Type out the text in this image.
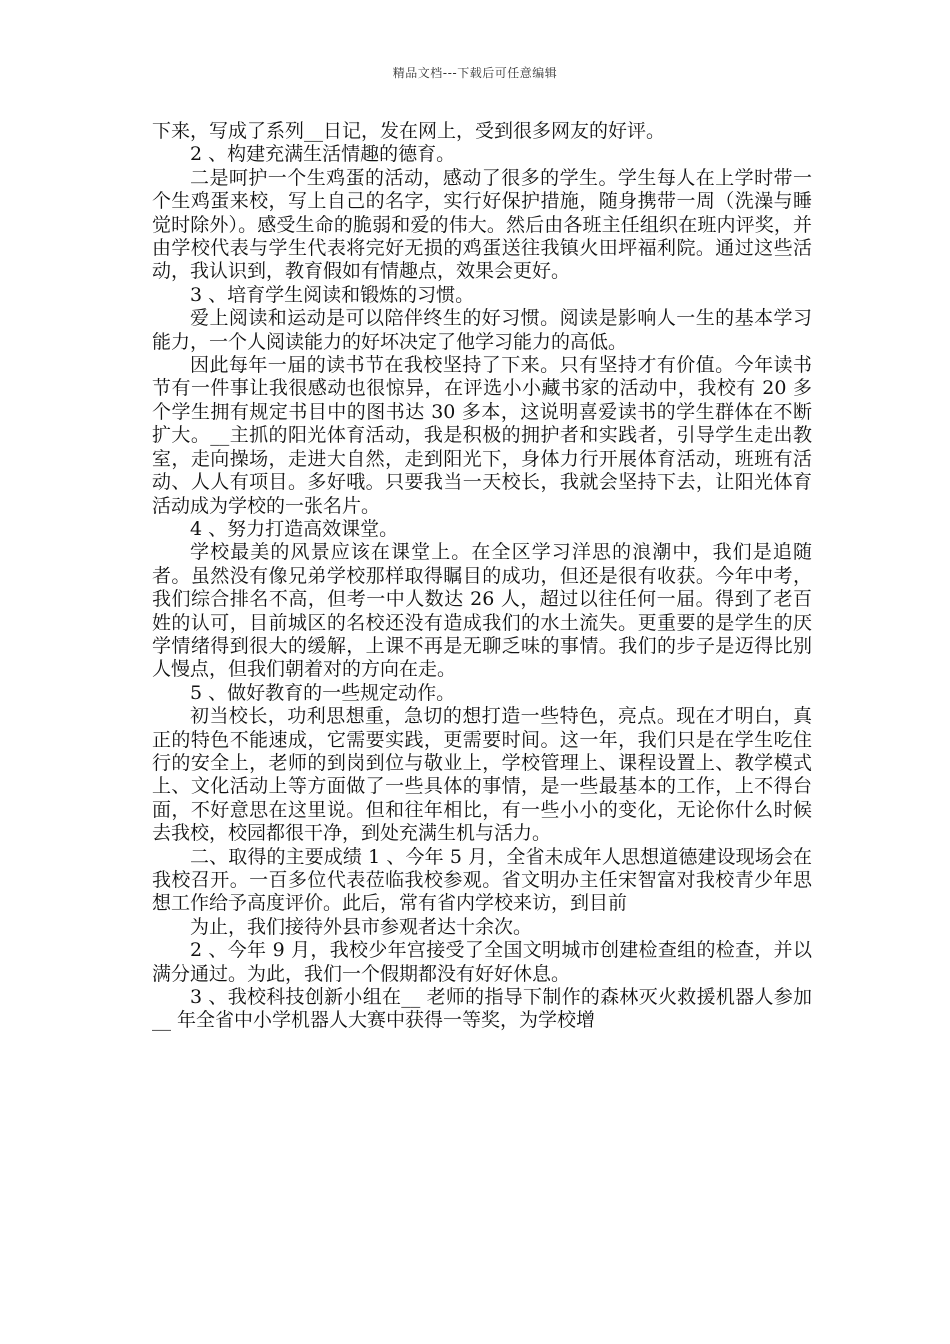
精品文档---下载后可任意编辑

下来，写成了系列__日记，发在网上，受到很多网友的好评。

2 、构建充满生活情趣的德育。

二是呵护一个生鸡蛋的活动，感动了很多的学生。学生每人在上学时带一个生鸡蛋来校，写上自己的名字，实行好保护措施，随身携带一周（洗澡与睡觉时除外）。感受生命的脆弱和爱的伟大。然后由各班主任组织在班内评奖，并由学校代表与学生代表将完好无损的鸡蛋送往我镇火田坪福利院。通过这些活动，我认识到，教育假如有情趣点，效果会更好。

3 、培育学生阅读和锻炼的习惯。

爱上阅读和运动是可以陪伴终生的好习惯。阅读是影响人一生的基本学习能力，一个人阅读能力的好坏决定了他学习能力的高低。

因此每年一届的读书节在我校坚持了下来。只有坚持才有价值。今年读书节有一件事让我很感动也很惊异，在评选小小藏书家的活动中，我校有 20 多个学生拥有规定书目中的图书达 30 多本，这说明喜爱读书的学生群体在不断扩大。__主抓的阳光体育活动，我是积极的拥护者和实践者，引导学生走出教室，走向操场，走进大自然，走到阳光下，身体力行开展体育活动，班班有活动、人人有项目。多好哦。只要我当一天校长，我就会坚持下去，让阳光体育活动成为学校的一张名片。

4 、努力打造高效课堂。

学校最美的风景应该在课堂上。在全区学习洋思的浪潮中，我们是追随者。虽然没有像兄弟学校那样取得瞩目的成功，但还是很有收获。今年中考，我们综合排名不高，但考一中人数达 26 人，超过以往任何一届。得到了老百姓的认可，目前城区的名校还没有造成我们的水土流失。更重要的是学生的厌学情绪得到很大的缓解，上课不再是无聊乏味的事情。我们的步子是迈得比别人慢点，但我们朝着对的方向在走。

5 、做好教育的一些规定动作。

初当校长，功利思想重，急切的想打造一些特色，亮点。现在才明白，真正的特色不能速成，它需要实践，更需要时间。这一年，我们只是在学生吃住行的安全上，老师的到岗到位与敬业上，学校管理上、课程设置上、教学模式上、文化活动上等方面做了一些具体的事情，是一些最基本的工作，上不得台面，不好意思在这里说。但和往年相比，有一些小小的变化，无论你什么时候去我校，校园都很干净，到处充满生机与活力。

二、取得的主要成绩 1 、今年 5 月，全省未成年人思想道德建设现场会在我校召开。一百多位代表莅临我校参观。省文明办主任宋智富对我校青少年思想工作给予高度评价。此后，常有省内学校来访，到目前

为止，我们接待外县市参观者达十余次。

2 、今年 9 月，我校少年宫接受了全国文明城市创建检查组的检查，并以满分通过。为此，我们一个假期都没有好好休息。

3 、我校科技创新小组在__ 老师的指导下制作的森林灭火救援机器人参加__ 年全省中小学机器人大赛中获得一等奖，为学校增
